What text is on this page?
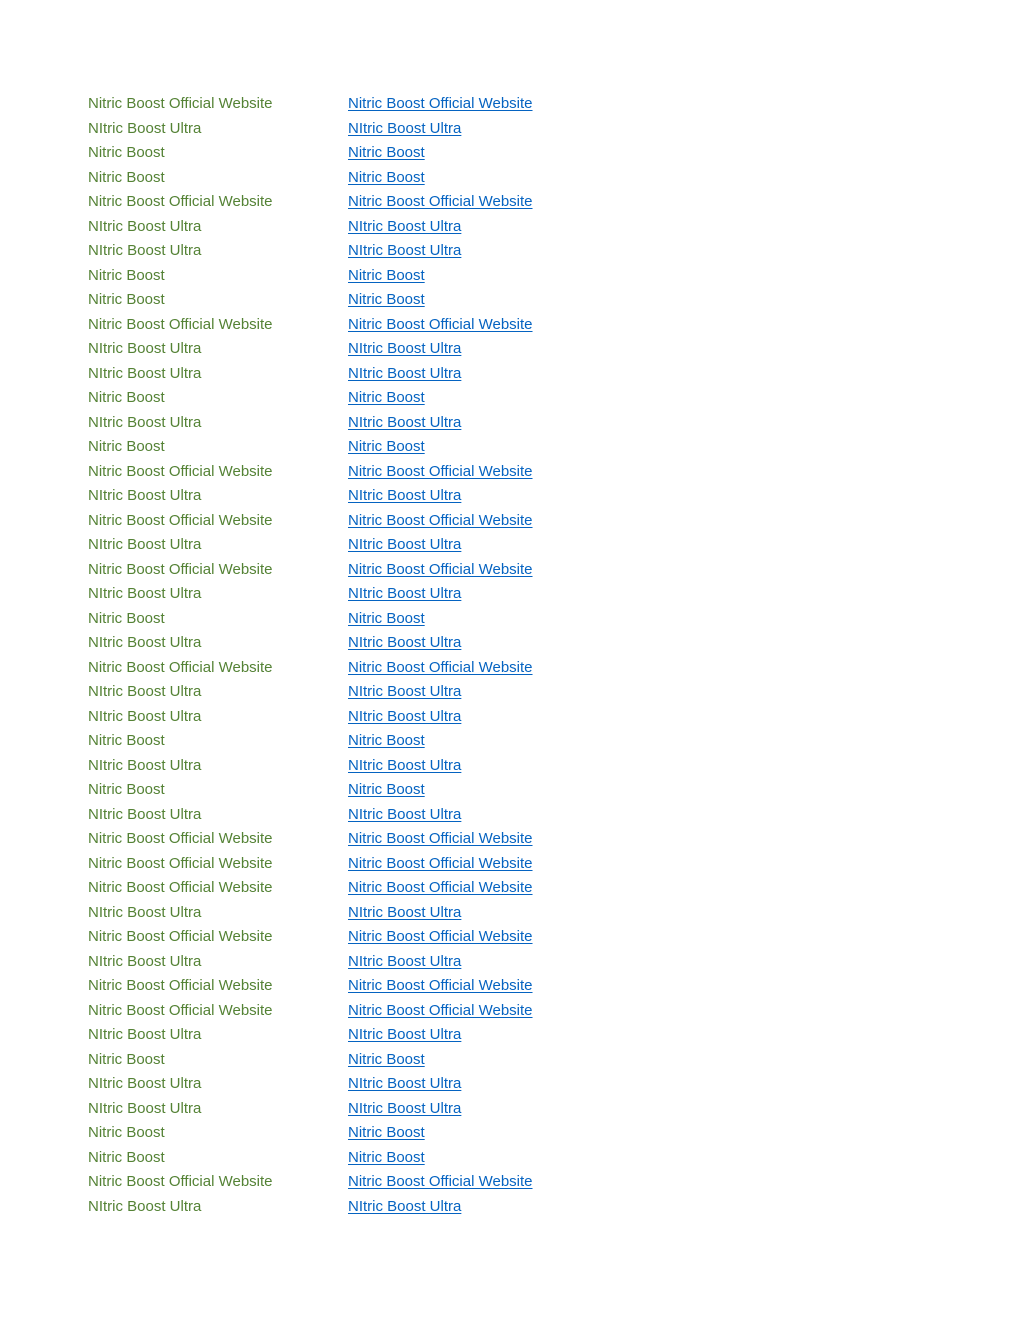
Nitric Boost Official Website	Nitric Boost Official Website
NItric Boost Ultra	NItric Boost Ultra
Nitric Boost	Nitric Boost
Nitric Boost	Nitric Boost
Nitric Boost Official Website	Nitric Boost Official Website
NItric Boost Ultra	NItric Boost Ultra
NItric Boost Ultra	NItric Boost Ultra
Nitric Boost	Nitric Boost
Nitric Boost	Nitric Boost
Nitric Boost Official Website	Nitric Boost Official Website
NItric Boost Ultra	NItric Boost Ultra
NItric Boost Ultra	NItric Boost Ultra
Nitric Boost	Nitric Boost
NItric Boost Ultra	NItric Boost Ultra
Nitric Boost	Nitric Boost
Nitric Boost Official Website	Nitric Boost Official Website
NItric Boost Ultra	NItric Boost Ultra
Nitric Boost Official Website	Nitric Boost Official Website
NItric Boost Ultra	NItric Boost Ultra
Nitric Boost Official Website	Nitric Boost Official Website
NItric Boost Ultra	NItric Boost Ultra
Nitric Boost	Nitric Boost
NItric Boost Ultra	NItric Boost Ultra
Nitric Boost Official Website	Nitric Boost Official Website
NItric Boost Ultra	NItric Boost Ultra
NItric Boost Ultra	NItric Boost Ultra
Nitric Boost	Nitric Boost
NItric Boost Ultra	NItric Boost Ultra
Nitric Boost	Nitric Boost
NItric Boost Ultra	NItric Boost Ultra
Nitric Boost Official Website	Nitric Boost Official Website
Nitric Boost Official Website	Nitric Boost Official Website
Nitric Boost Official Website	Nitric Boost Official Website
NItric Boost Ultra	NItric Boost Ultra
Nitric Boost Official Website	Nitric Boost Official Website
NItric Boost Ultra	NItric Boost Ultra
Nitric Boost Official Website	Nitric Boost Official Website
Nitric Boost Official Website	Nitric Boost Official Website
NItric Boost Ultra	NItric Boost Ultra
Nitric Boost	Nitric Boost
NItric Boost Ultra	NItric Boost Ultra
NItric Boost Ultra	NItric Boost Ultra
Nitric Boost	Nitric Boost
Nitric Boost	Nitric Boost
Nitric Boost Official Website	Nitric Boost Official Website
NItric Boost Ultra	NItric Boost Ultra
